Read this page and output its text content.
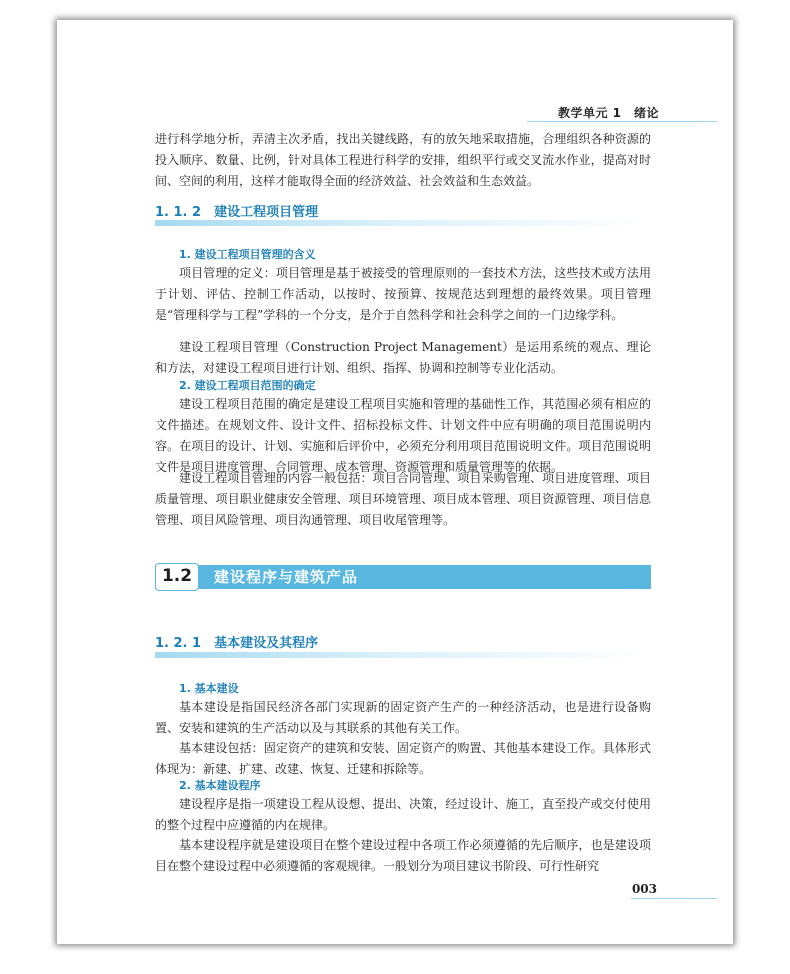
教学单元 1　绪论

进行科学地分析，弄清主次矛盾，找出关键线路，有的放矢地采取措施，合理组织各种资源的投入顺序、数量、比例，针对具体工程进行科学的安排，组织平行或交叉流水作业，提高对时间、空间的利用，这样才能取得全面的经济效益、社会效益和生态效益。

1. 1. 2　建设工程项目管理
1. 建设工程项目管理的含义

项目管理的定义：项目管理是基于被接受的管理原则的一套技术方法，这些技术或方法用于计划、评估、控制工作活动，以按时、按预算、按规范达到理想的最终效果。项目管理是“管理科学与工程”学科的一个分支，是介于自然科学和社会科学之间的一门边缘学科。

建设工程项目管理（Construction Project Management）是运用系统的观点、理论和方法，对建设工程项目进行计划、组织、指挥、协调和控制等专业化活动。

2. 建设工程项目范围的确定

建设工程项目范围的确定是建设工程项目实施和管理的基础性工作，其范围必须有相应的文件描述。在规划文件、设计文件、招标投标文件、计划文件中应有明确的项目范围说明内容。在项目的设计、计划、实施和后评价中，必须充分利用项目范围说明文件。项目范围说明文件是项目进度管理、合同管理、成本管理、资源管理和质量管理等的依据。

建设工程项目管理的内容一般包括：项目合同管理、项目采购管理、项目进度管理、项目质量管理、项目职业健康安全管理、项目环境管理、项目成本管理、项目资源管理、项目信息管理、项目风险管理、项目沟通管理、项目收尾管理等。

1.2	建设程序与建筑产品
1. 2. 1　基本建设及其程序
1. 基本建设

基本建设是指国民经济各部门实现新的固定资产生产的一种经济活动，也是进行设备购置、安装和建筑的生产活动以及与其联系的其他有关工作。

基本建设包括：固定资产的建筑和安装、固定资产的购置、其他基本建设工作。具体形式体现为：新建、扩建、改建、恢复、迁建和拆除等。

2. 基本建设程序

建设程序是指一项建设工程从设想、提出、决策，经过设计、施工，直至投产或交付使用的整个过程中应遵循的内在规律。

基本建设程序就是建设项目在整个建设过程中各项工作必须遵循的先后顺序，也是建设项目在整个建设过程中必须遵循的客观规律。一般划分为项目建议书阶段、可行性研究

003
